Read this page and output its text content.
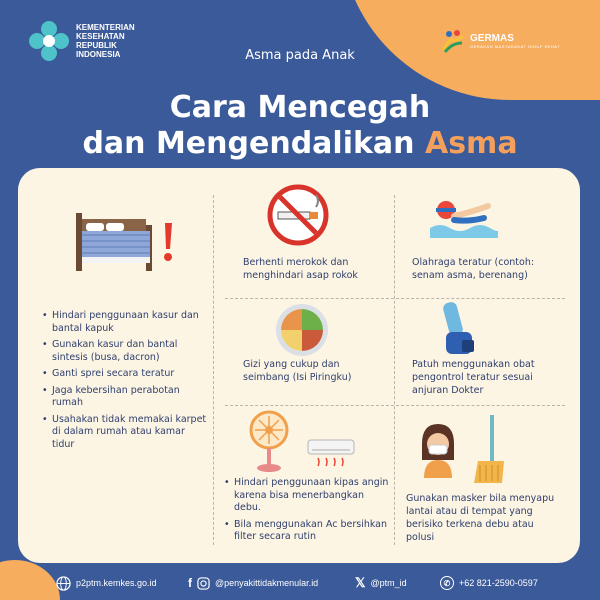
KEMENTERIAN
KESEHATAN
REPUBLIK
INDONESIA
GERMAS
GERAKAN MASYARAKAT HIDUP SEHAT
Asma pada Anak
Cara Mencegah
dan Mengendalikan Asma
• Hindari penggunaan kasur dan bantal kapuk
• Gunakan kasur dan bantal sintesis (busa, dacron)
• Ganti sprei secara teratur
• Jaga kebersihan perabotan rumah
• Usahakan tidak memakai karpet di dalam rumah atau kamar tidur
Berhenti merokok dan menghindari asap rokok
Olahraga teratur (contoh: senam asma, berenang)
Gizi yang cukup dan seimbang (Isi Piringku)
Patuh menggunakan obat pengontrol teratur sesuai anjuran Dokter
• Hindari penggunaan kipas angin karena bisa menerbangkan debu.
• Bila menggunakan Ac bersihkan filter secara rutin
Gunakan masker bila menyapu lantai atau di tempat yang berisiko terkena debu atau polusi
p2ptm.kemkes.go.id	f	@penyakittidakmenular.id	𝕏 @ptm_id	✆ +62 821-2590-0597
